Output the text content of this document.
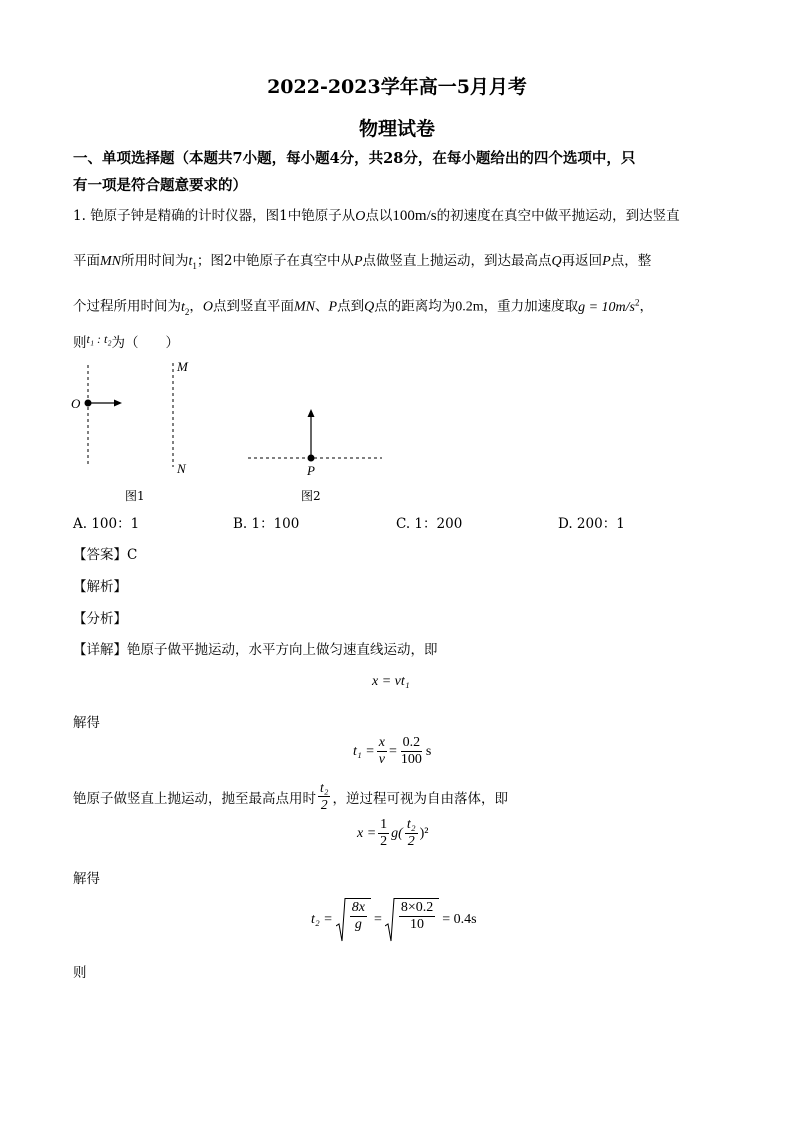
2022-2023学年高一5月月考
物理试卷
一、单项选择题（本题共7小题，每小题4分，共28分，在每小题给出的四个选项中，只
有一项是符合题意要求的）
1. 铯原子钟是精确的计时仪器，图1中铯原子从O点以100m/s的初速度在真空中做平抛运动，到达竖直
平面MN所用时间为$t_1$；图2中铯原子在真空中从P点做竖直上抛运动，到达最高点Q再返回P点，整
个过程所用时间为$t_2$，O点到竖直平面MN、P点到Q点的距离均为0.2m，重力加速度取$g = 10m/s^2$，
则t₁ : t₂为（　　）
M
N
O
P
图1	图2
A. 100：1	B. 1：100	C. 1：200	D. 200：1
【答案】C
【解析】
【分析】
【详解】铯原子做平抛运动，水平方向上做匀速直线运动，即
x = vt₁
解得
$t_1 = \frac{x}{v} = \frac{0.2}{100}$ s
铯原子做竖直上抛运动，抛至最高点用时 $\frac{\text{t₂}}{2}$ ，逆过程可视为自由落体，即
$x = \frac{1}{2} g( \frac{\text{t₂}}{2} )^2$
解得
$t_2 = \frac{8x}{g} = \frac{8\times 0.2}{10} = 0.4s$
则
